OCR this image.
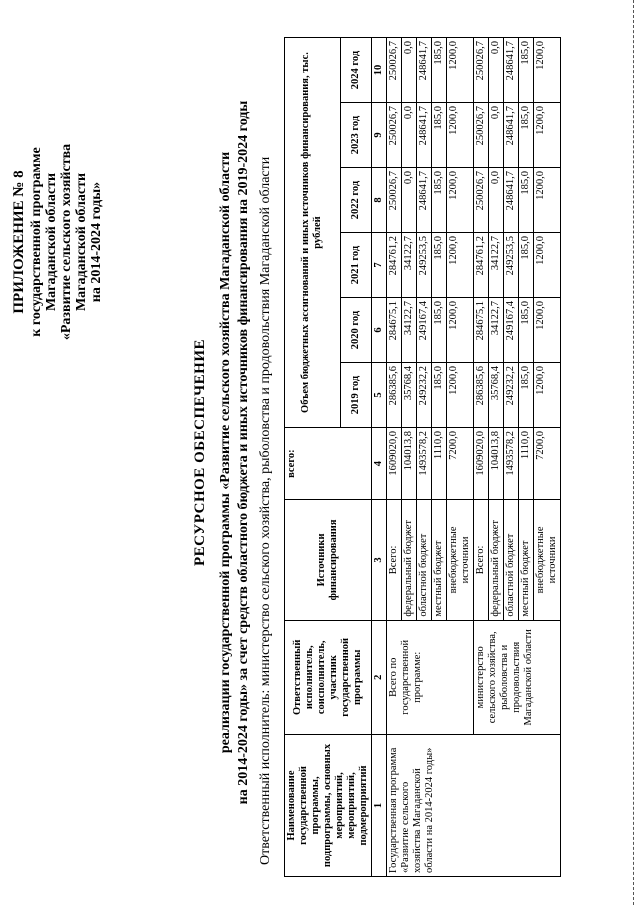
ПРИЛОЖЕНИЕ № 8 к государственной программе Магаданской области «Развитие сельского хозяйства Магаданской области на 2014-2024 годы»
РЕСУРСНОЕ ОБЕСПЕЧЕНИЕ реализации государственной программы «Развитие сельского хозяйства Магаданской области на 2014-2024 годы» за счет средств областного бюджета и иных источников финансирования на 2019-2024 годы Ответственный исполнитель: министерство сельского хозяйства, рыболовства и продовольствия Магаданской области Наименование государственной программы, подпрограммы, основных мероприятий, мероприятий, подмероприятий	Ответственный исполнитель, соисполнитель, участник государственной программы	Источники финансирования	всего:	Объем бюджетных ассигнований и иных источников финансирования, тыс. рублей					
				2019 год	2020 год	2021 год	2022 год	2023 год	2024 год
1	2	3	4	5	6	7	8	9	10
Государственная программа «Развитие сельского хозяйства Магаданской области на 2014-2024 годы»	Всего по государственной программе:	Всего:	1609020,0	286385,6	284675,1	284761,2	250026,7	250026,7	250026,7
		федеральный бюджет	104013,8	35768,4	34122,7	34122,7	0,0	0,0	0,0
		областной бюджет	1493578,2	249232,2	249167,4	249253,5	248641,7	248641,7	248641,7
		местный бюджет	1110,0	185,0	185,0	185,0	185,0	185,0	185,0
		внебюджетные источники	7200,0	1200,0	1200,0	1200,0	1200,0	1200,0	1200,0
	министерство сельского хозяйства, рыболовства и продовольствия Магаданской области	Всего:	1609020,0	286385,6	284675,1	284761,2	250026,7	250026,7	250026,7
		федеральный бюджет	104013,8	35768,4	34122,7	34122,7	0,0	0,0	0,0
		областной бюджет	1493578,2	249232,2	249167,4	249253,5	248641,7	248641,7	248641,7
		местный бюджет	1110,0	185,0	185,0	185,0	185,0	185,0	185,0
		внебюджетные источники	7200,0	1200,0	1200,0	1200,0	1200,0	1200,0	1200,0
